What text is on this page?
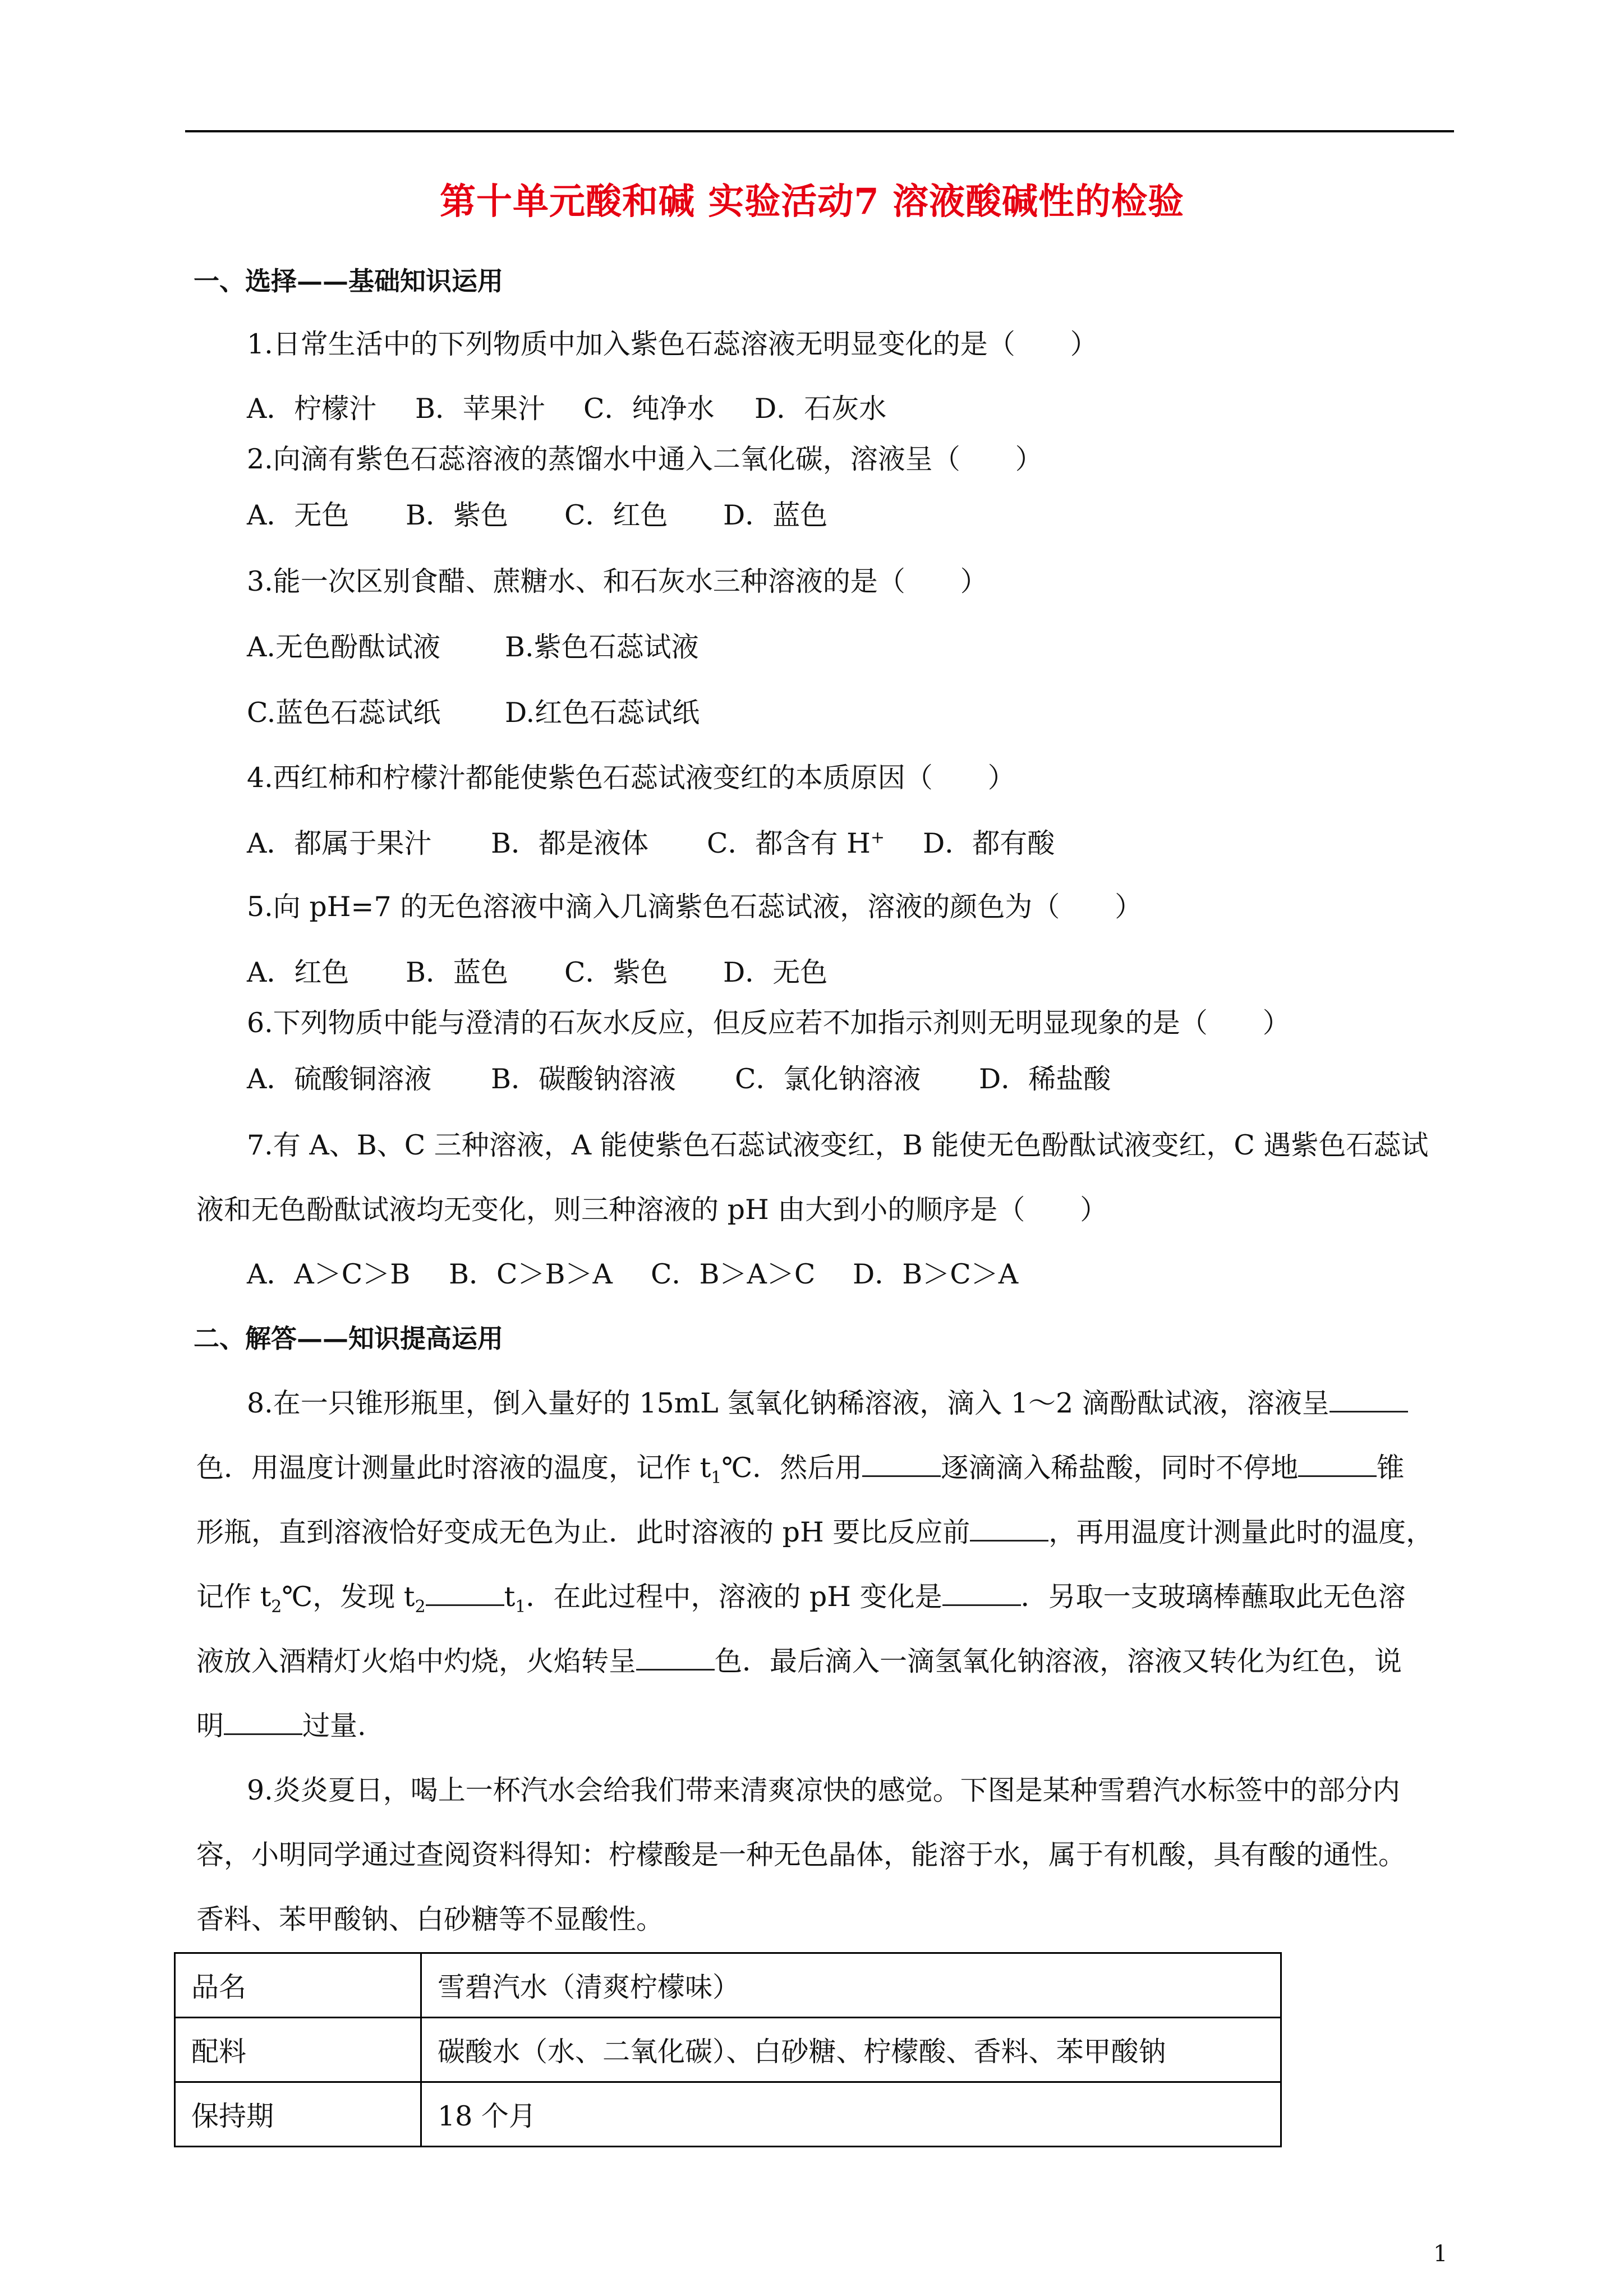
第十单元酸和碱 实验活动7 溶液酸碱性的检验
一、选择——基础知识运用
1.日常生活中的下列物质中加入紫色石蕊溶液无明显变化的是（　　）
A．柠檬汁 B．苹果汁 C．纯净水 D．石灰水
2.向滴有紫色石蕊溶液的蒸馏水中通入二氧化碳，溶液呈（　　）
A．无色 B．紫色 C．红色 D．蓝色
3.能一次区别食醋、蔗糖水、和石灰水三种溶液的是（　　）
A.无色酚酞试液 B.紫色石蕊试液
C.蓝色石蕊试纸 D.红色石蕊试纸
4.西红柿和柠檬汁都能使紫色石蕊试液变红的本质原因（　　）
A．都属于果汁 B．都是液体 C．都含有 H+ D．都有酸
5.向 pH=7 的无色溶液中滴入几滴紫色石蕊试液，溶液的颜色为（　　）
A．红色 B．蓝色 C．紫色 D．无色
6.下列物质中能与澄清的石灰水反应，但反应若不加指示剂则无明显现象的是（　　）
A．硫酸铜溶液 B．碳酸钠溶液 C．氯化钠溶液 D．稀盐酸
7.有 A、B、C 三种溶液，A 能使紫色石蕊试液变红，B 能使无色酚酞试液变红，C 遇紫色石蕊试
液和无色酚酞试液均无变化，则三种溶液的 pH 由大到小的顺序是（　　）
A．A＞C＞B B．C＞B＞A C．B＞A＞C D．B＞C＞A
二、解答——知识提高运用
8.在一只锥形瓶里，倒入量好的 15mL 氢氧化钠稀溶液，滴入 1～2 滴酚酞试液，溶液呈
色．用温度计测量此时溶液的温度，记作 $t_1℃$．然后用	逐滴滴入稀盐酸，同时不停地	锥
形瓶，直到溶液恰好变成无色为止．此时溶液的 pH 要比反应前	，再用温度计测量此时的温度，
记作 $t_2℃$，发现 $t_2$	$t_1$．在此过程中，溶液的 pH 变化是	．另取一支玻璃棒蘸取此无色溶
液放入酒精灯火焰中灼烧，火焰转呈	色．最后滴入一滴氢氧化钠溶液，溶液又转化为红色，说
明	过量.
9.炎炎夏日，喝上一杯汽水会给我们带来清爽凉快的感觉。下图是某种雪碧汽水标签中的部分内
容，小明同学通过查阅资料得知：柠檬酸是一种无色晶体，能溶于水，属于有机酸，具有酸的通性。
香料、苯甲酸钠、白砂糖等不显酸性。
品名	雪碧汽水（清爽柠檬味）
配料	碳酸水（水、二氧化碳）、白砂糖、柠檬酸、香料、苯甲酸钠
保持期	18 个月
1
